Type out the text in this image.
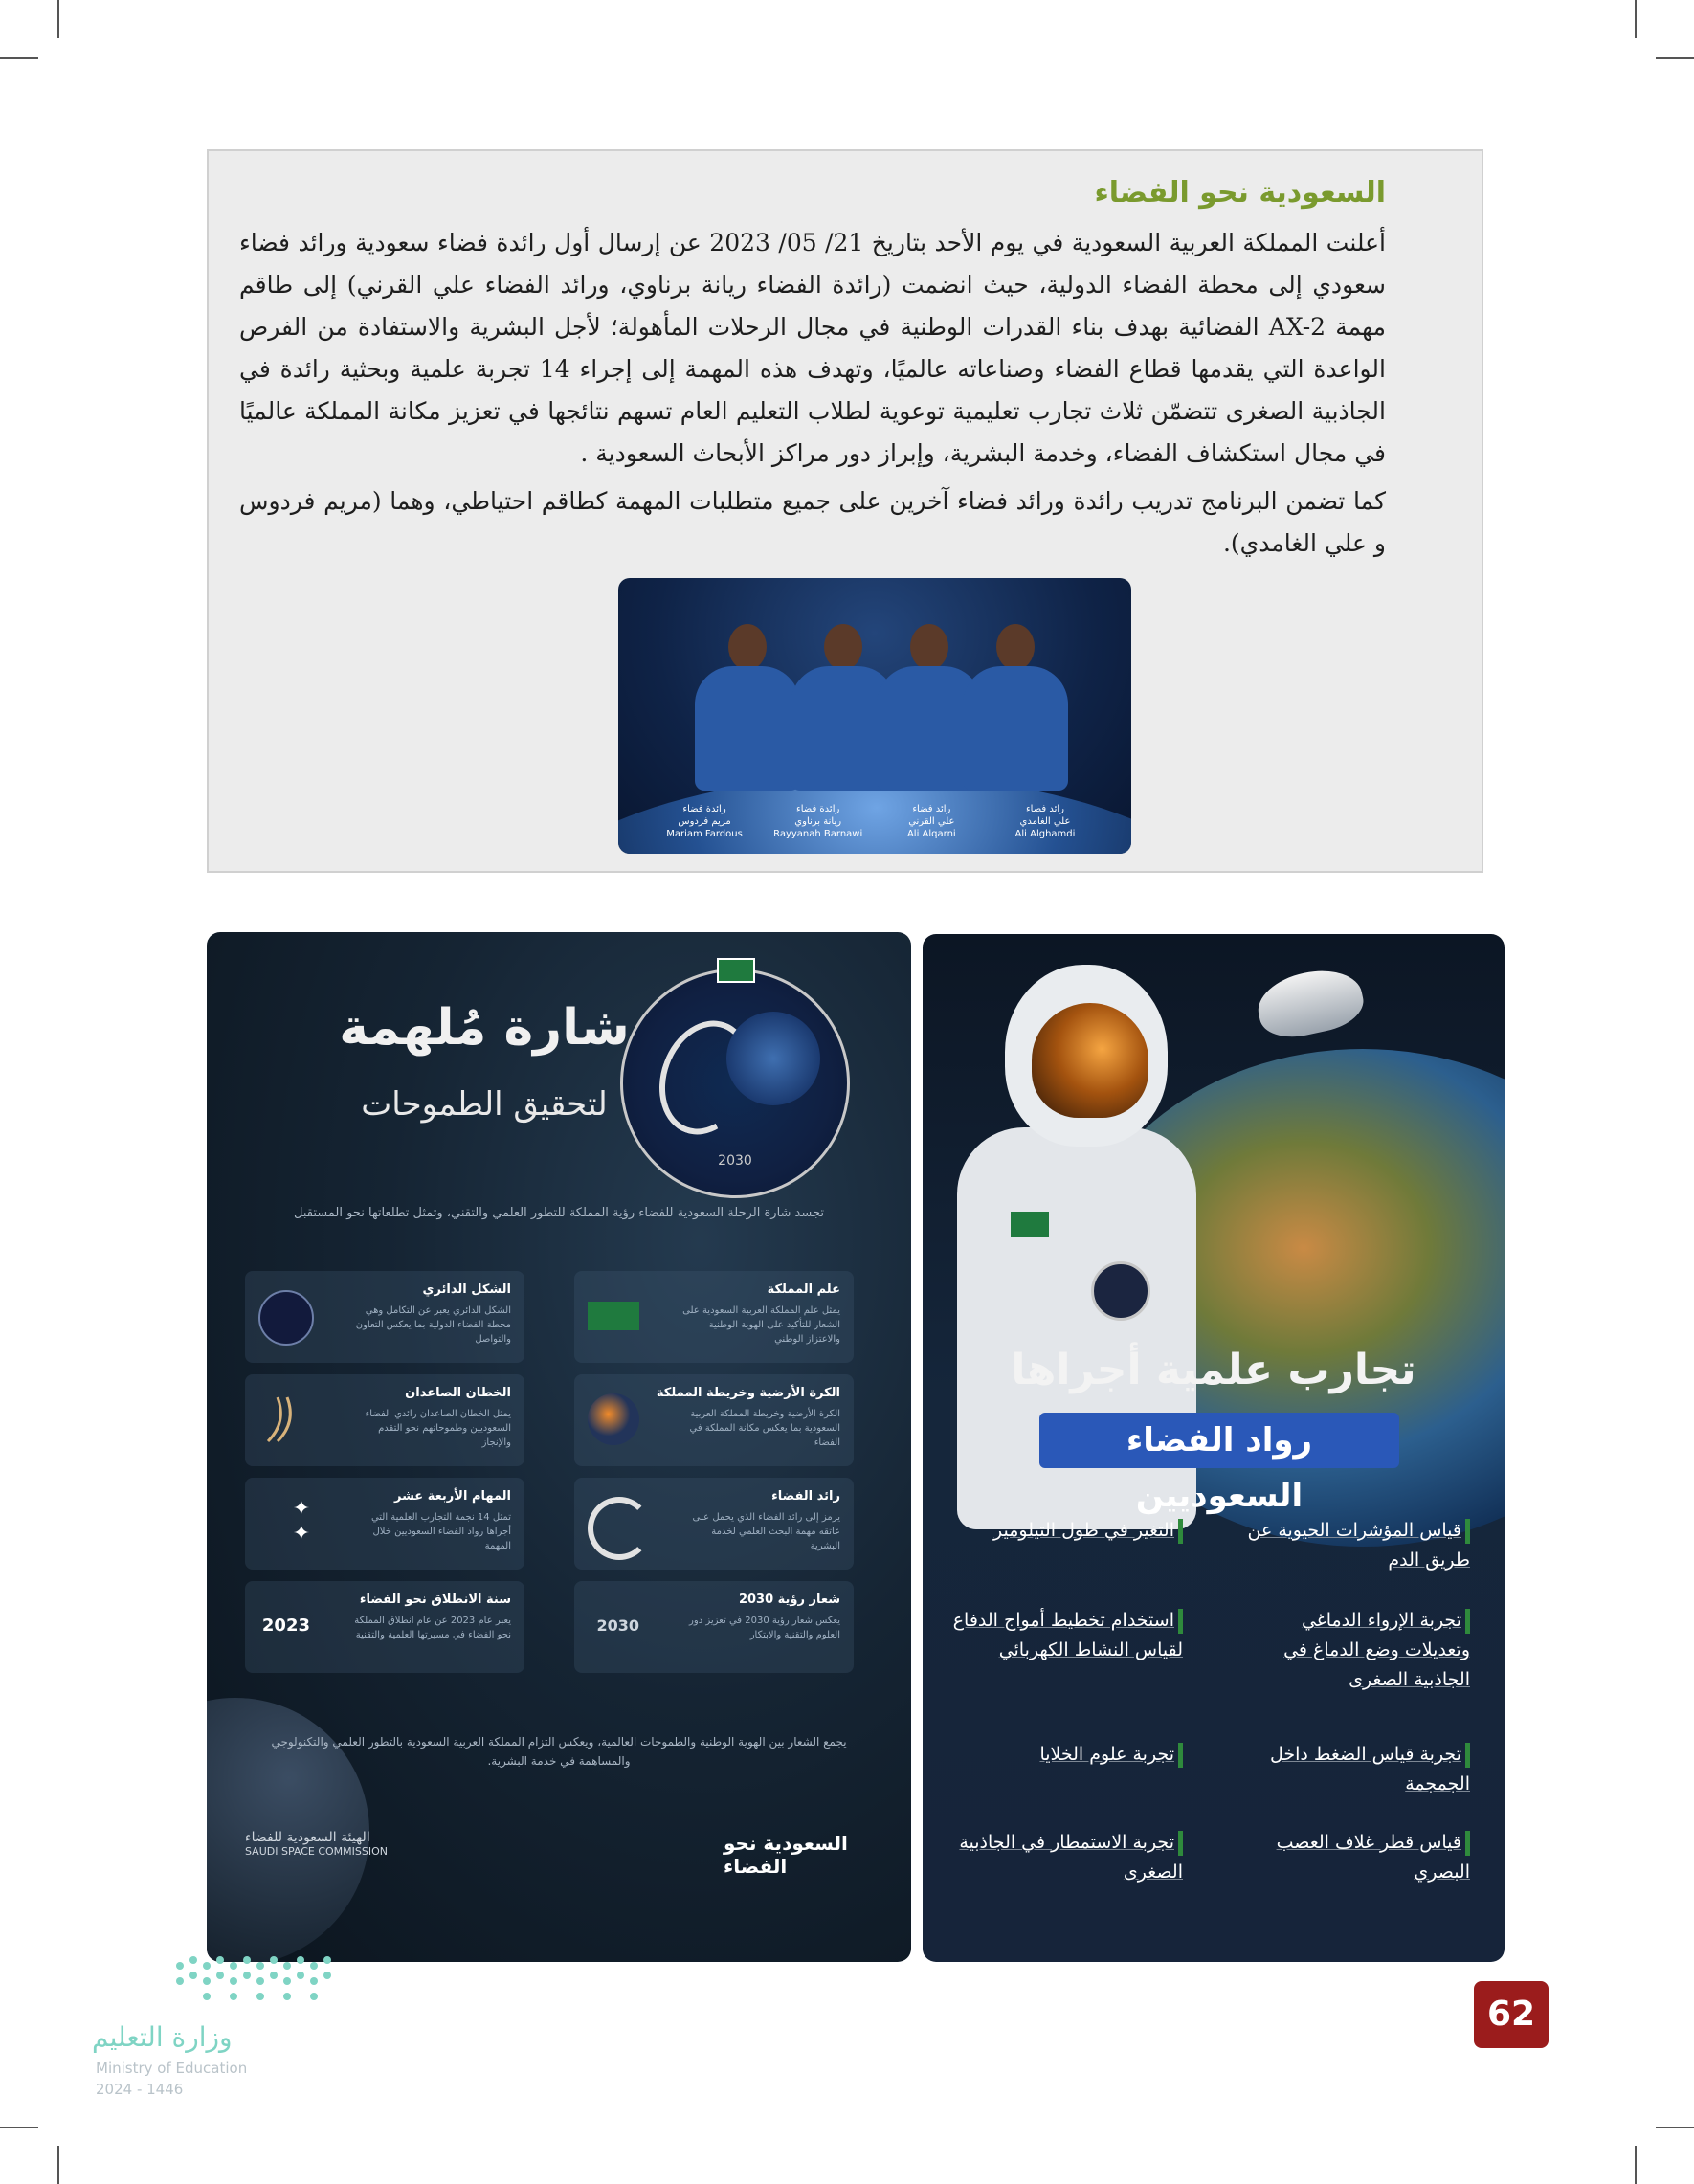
السعودية نحو الفضاء

أعلنت المملكة العربية السعودية في يوم الأحد بتاريخ 21/ 05/ 2023 عن إرسال أول رائدة فضاء سعودية ورائد فضاء سعودي إلى محطة الفضاء الدولية، حيث انضمت (رائدة الفضاء ريانة برناوي، ورائد الفضاء علي القرني) إلى طاقم مهمة AX-2 الفضائية بهدف بناء القدرات الوطنية في مجال الرحلات المأهولة؛ لأجل البشرية والاستفادة من الفرص الواعدة التي يقدمها قطاع الفضاء وصناعاته عالميًا، وتهدف هذه المهمة إلى إجراء 14 تجربة علمية وبحثية رائدة في الجاذبية الصغرى تتضمّن ثلاث تجارب تعليمية توعوية لطلاب التعليم العام تسهم نتائجها في تعزيز مكانة المملكة عالميًا في مجال استكشاف الفضاء، وخدمة البشرية، وإبراز دور مراكز الأبحاث السعودية .

كما تضمن البرنامج تدريب رائدة ورائد فضاء آخرين على جميع متطلبات المهمة كطاقم احتياطي، وهما (مريم فردوس و علي الغامدي).

رائد فضاء
علي الغامدي
Ali Alghamdi
رائد فضاء
علي القرني
Ali Alqarni
رائدة فضاء
ريانة برناوي
Rayyanah Barnawi
رائدة فضاء
مريم فردوس
Mariam Fardous
شارة مُلهمة
لتحقيق الطموحات
2030
تجسد شارة الرحلة السعودية للفضاء رؤية المملكة للتطور العلمي والتقني، وتمثل تطلعاتها نحو المستقبل
علم المملكة
يمثل علم المملكة العربية السعودية على الشعار للتأكيد على الهوية الوطنية والاعتزاز الوطني
الشكل الدائري
الشكل الدائري يعبر عن التكامل وهي محطة الفضاء الدولية بما يعكس التعاون والتواصل
الكرة الأرضية وخريطة المملكة
الكرة الأرضية وخريطة المملكة العربية السعودية بما يعكس مكانة المملكة في الفضاء
الخطان الصاعدان
يمثل الخطان الصاعدان رائدي الفضاء السعوديين وطموحاتهم نحو التقدم والإنجاز
رائد الفضاء
يرمز إلى رائد الفضاء الذي يحمل على عاتقه مهمة البحث العلمي لخدمة البشرية
المهام الأربعة عشر
تمثل 14 نجمة التجارب العلمية التي أجراها رواد الفضاء السعوديين خلال المهمة
✦
✦
شعار رؤية 2030
يعكس شعار رؤية 2030 في تعزيز دور العلوم والتقنية والابتكار
2030
سنة الانطلاق نحو الفضاء
يعبر عام 2023 عن عام انطلاق المملكة نحو الفضاء في مسيرتها العلمية والتقنية
2023
يجمع الشعار بين الهوية الوطنية والطموحات العالمية، ويعكس التزام المملكة العربية السعودية بالتطور العلمي والتكنولوجي والمساهمة في خدمة البشرية.
الهيئة السعودية للفضاء
SAUDI SPACE COMMISSION	السعودية نحو الفضاء
تجارب علمية أجراها
رواد الفضاء السعوديين
قياس المؤشرات الحيوية عن طريق الدم
تجربة الإرواء الدماغي وتعديلات وضع الدماغ في الجاذبية الصغرى
تجربة قياس الضغط داخل الجمجمة
قياس قطر غلاف العصب البصري
التغير في طول التيلومير
استخدام تخطيط أمواج الدفاع لقياس النشاط الكهربائي
تجربة علوم الخلايا
تجربة الاستمطار في الجاذبية الصغرى
62
وزارة التعليم
Ministry of Education
2024 - 1446
